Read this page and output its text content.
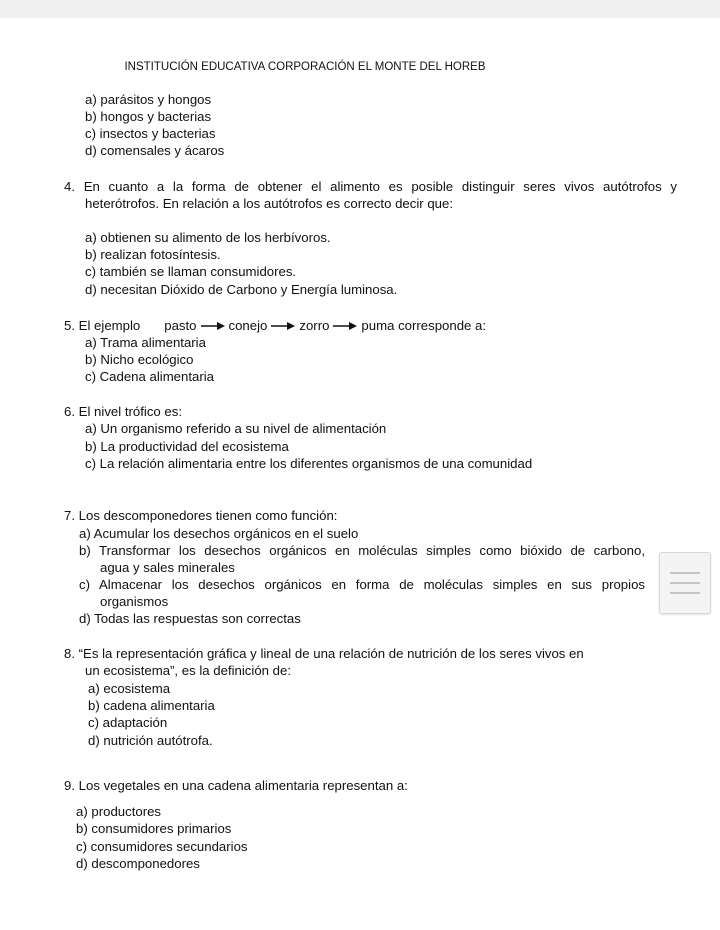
INSTITUCIÓN EDUCATIVA CORPORACIÓN EL MONTE DEL HOREB
a) parásitos y hongos
b) hongos y bacterias
c) insectos y bacterias
d) comensales y ácaros
4. En cuanto a la forma de obtener el alimento es posible distinguir seres vivos autótrofos y
heterótrofos. En relación a los autótrofos es correcto decir que:
a) obtienen su alimento de los herbívoros.
b) realizan fotosíntesis.
c) también se llaman consumidores.
d) necesitan Dióxido de Carbono y Energía luminosa.
5. El ejemplo pasto conejo zorro puma corresponde a:
a) Trama alimentaria
b) Nicho ecológico
c) Cadena alimentaria
6. El nivel trófico es:
a) Un organismo referido a su nivel de alimentación
b) La productividad del ecosistema
c) La relación alimentaria entre los diferentes organismos de una comunidad
7. Los descomponedores tienen como función:
a) Acumular los desechos orgánicos en el suelo
b) Transformar los desechos orgánicos en moléculas simples como bióxido de carbono,
agua y sales minerales
c) Almacenar los desechos orgánicos en forma de moléculas simples en sus propios
organismos
d) Todas las respuestas son correctas
8. “Es la representación gráfica y lineal de una relación de nutrición de los seres vivos en
un ecosistema”, es la definición de:
a) ecosistema
b) cadena alimentaria
c) adaptación
d) nutrición autótrofa.
9. Los vegetales en una cadena alimentaria representan a:
a) productores
b) consumidores primarios
c) consumidores secundarios
d) descomponedores
